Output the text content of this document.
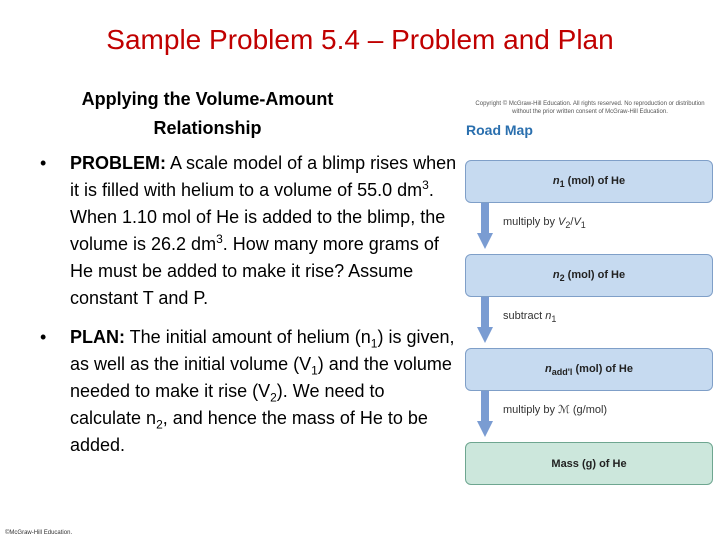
Sample Problem 5.4 – Problem and Plan
Applying the Volume-Amount
Relationship
• PROBLEM: A scale model of a blimp rises when it is filled with helium to a volume of 55.0 $dm^3$. When 1.10 mol of He is added to the blimp, the volume is 26.2 $dm^3$. How many more grams of He must be added to make it rise? Assume constant T and P.
• PLAN: The initial amount of helium $(n_1)$ is given, as well as the initial volume $(V_1)$ and the volume needed to make it rise $(V_2)$. We need to calculate $n_2$, and hence the mass of He to be added.
Copyright © McGraw-Hill Education. All rights reserved. No reproduction or distribution without the prior written consent of McGraw-Hill Education.
Road Map
$n_1$ (mol) of He
multiply by $V_2/V_1$
$n_2$ (mol) of He
subtract $n_1$
$n_{add'l}$ (mol) of He
multiply by ℳ (g/mol)
Mass (g) of He
©McGraw-Hill Education.
